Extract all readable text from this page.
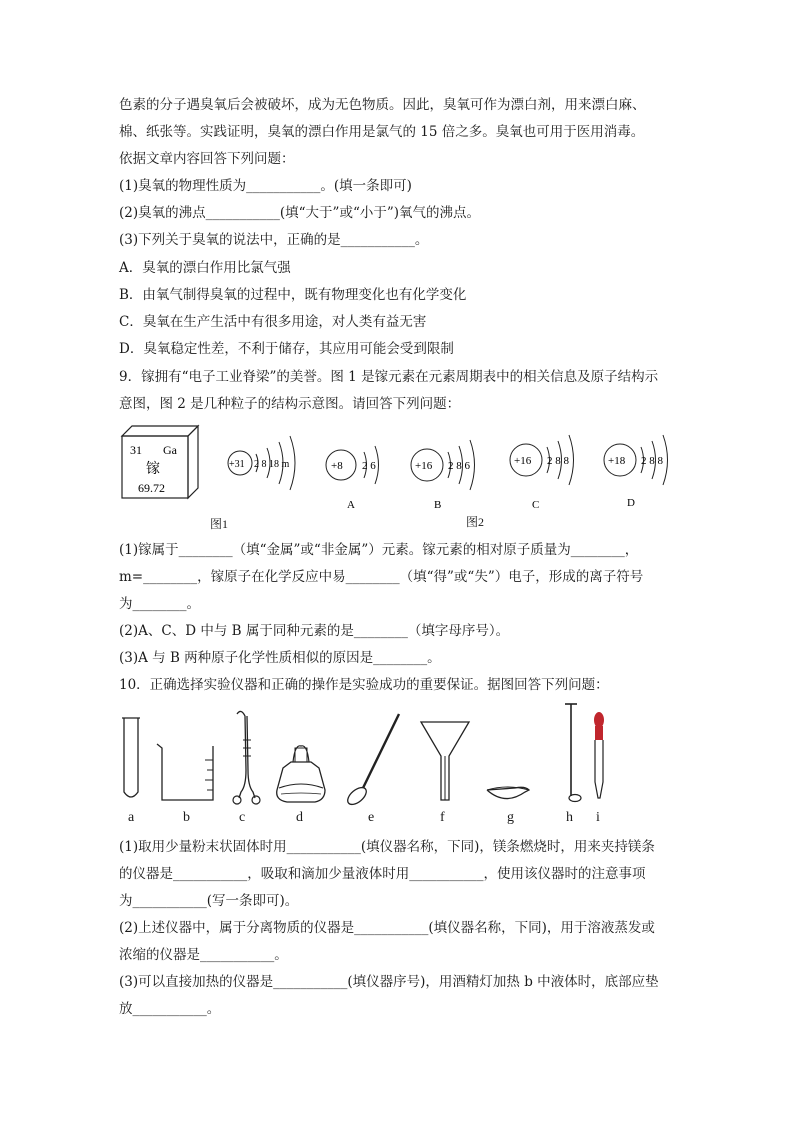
色素的分子遇臭氧后会被破坏，成为无色物质。因此，臭氧可作为漂白剂，用来漂白麻、
棉、纸张等。实践证明，臭氧的漂白作用是氯气的 15 倍之多。臭氧也可用于医用消毒。
依据文章内容回答下列问题：
(1)臭氧的物理性质为___________。(填一条即可)
(2)臭氧的沸点___________(填“大于”或“小于”)氧气的沸点。
(3)下列关于臭氧的说法中，正确的是___________。
A．臭氧的漂白作用比氯气强
B．由氧气制得臭氧的过程中，既有物理变化也有化学变化
C．臭氧在生产生活中有很多用途，对人类有益无害
D．臭氧稳定性差，不利于储存，其应用可能会受到限制
9．镓拥有“电子工业脊梁”的美誉。图 1 是镓元素在元素周期表中的相关信息及原子结构示
意图，图 2 是几种粒子的结构示意图。请回答下列问题：
31 Ga
镓
69.72
+31 2 8 18 m	+8 2 6
A
+16 2 8 6
B
+16 2 8 8
C
+18 2 8 8
D
图1	图2
(1)镓属于________（填“金属”或“非金属”）元素。镓元素的相对原子质量为________，
m=________，镓原子在化学反应中易________（填“得”或“失”）电子，形成的离子符号
为________。
(2)A、C、D 中与 B 属于同种元素的是________（填字母序号）。
(3)A 与 B 两种原子化学性质相似的原因是________。
10．正确选择实验仪器和正确的操作是实验成功的重要保证。据图回答下列问题：
a	b	c	d	e	f	g	h i
(1)取用少量粉末状固体时用___________(填仪器名称，下同)，镁条燃烧时，用来夹持镁条
的仪器是___________，吸取和滴加少量液体时用___________，使用该仪器时的注意事项
为___________(写一条即可)。
(2)上述仪器中，属于分离物质的仪器是___________(填仪器名称，下同)，用于溶液蒸发或
浓缩的仪器是___________。
(3)可以直接加热的仪器是___________(填仪器序号)，用酒精灯加热 b 中液体时，底部应垫
放___________。
